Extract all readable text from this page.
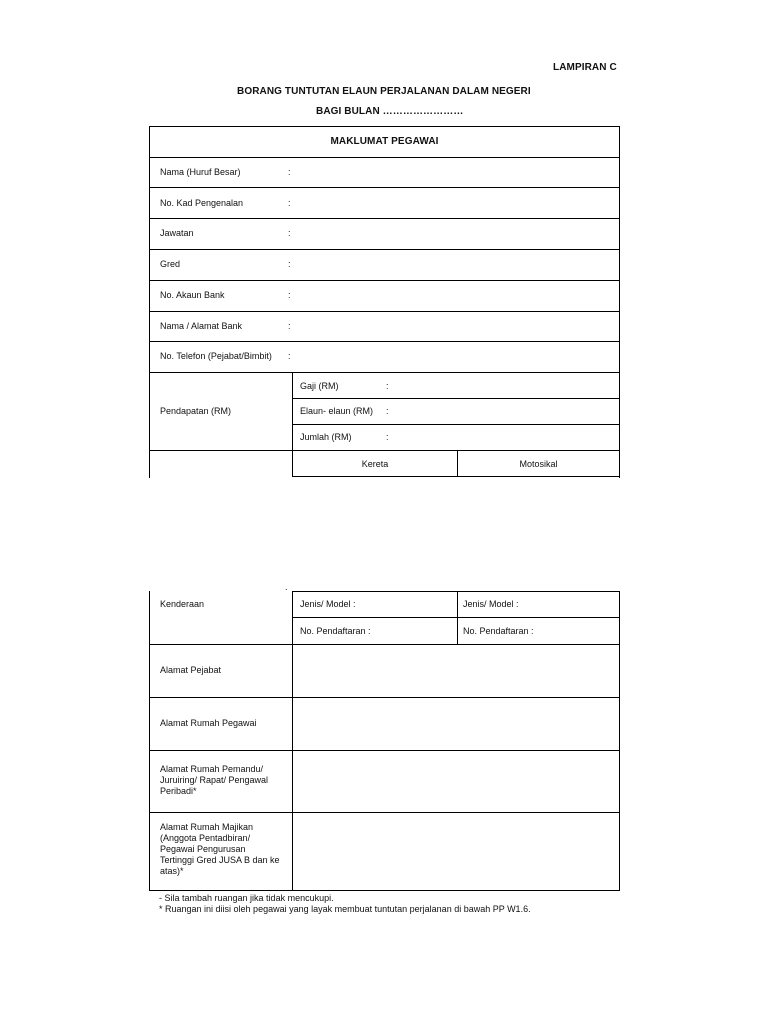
LAMPIRAN C
BORANG TUNTUTAN ELAUN PERJALANAN DALAM NEGERI
BAGI BULAN ……………………
MAKLUMAT PEGAWAI
Nama (Huruf Besar)	:
No. Kad Pengenalan	:
Jawatan	:
Gred	:
No. Akaun Bank	:
Nama / Alamat Bank	:
No. Telefon (Pejabat/Bimbit) :
Pendapatan (RM)
Gaji (RM)	:
Elaun- elaun (RM) :
Jumlah (RM)	:
Kereta	Motosikal
.
Kenderaan	Jenis/ Model :	Jenis/ Model :
No. Pendaftaran :	No. Pendaftaran :
Alamat Pejabat
Alamat Rumah Pegawai
Alamat Rumah Pemandu/
Juruiring/ Rapat/ Pengawal
Peribadi*
Alamat Rumah Majikan
(Anggota Pentadbiran/
Pegawai Pengurusan
Tertinggi Gred JUSA B dan ke
atas)*
- Sila tambah ruangan jika tidak mencukupi.
* Ruangan ini diisi oleh pegawai yang layak membuat tuntutan perjalanan di bawah PP W1.6.
